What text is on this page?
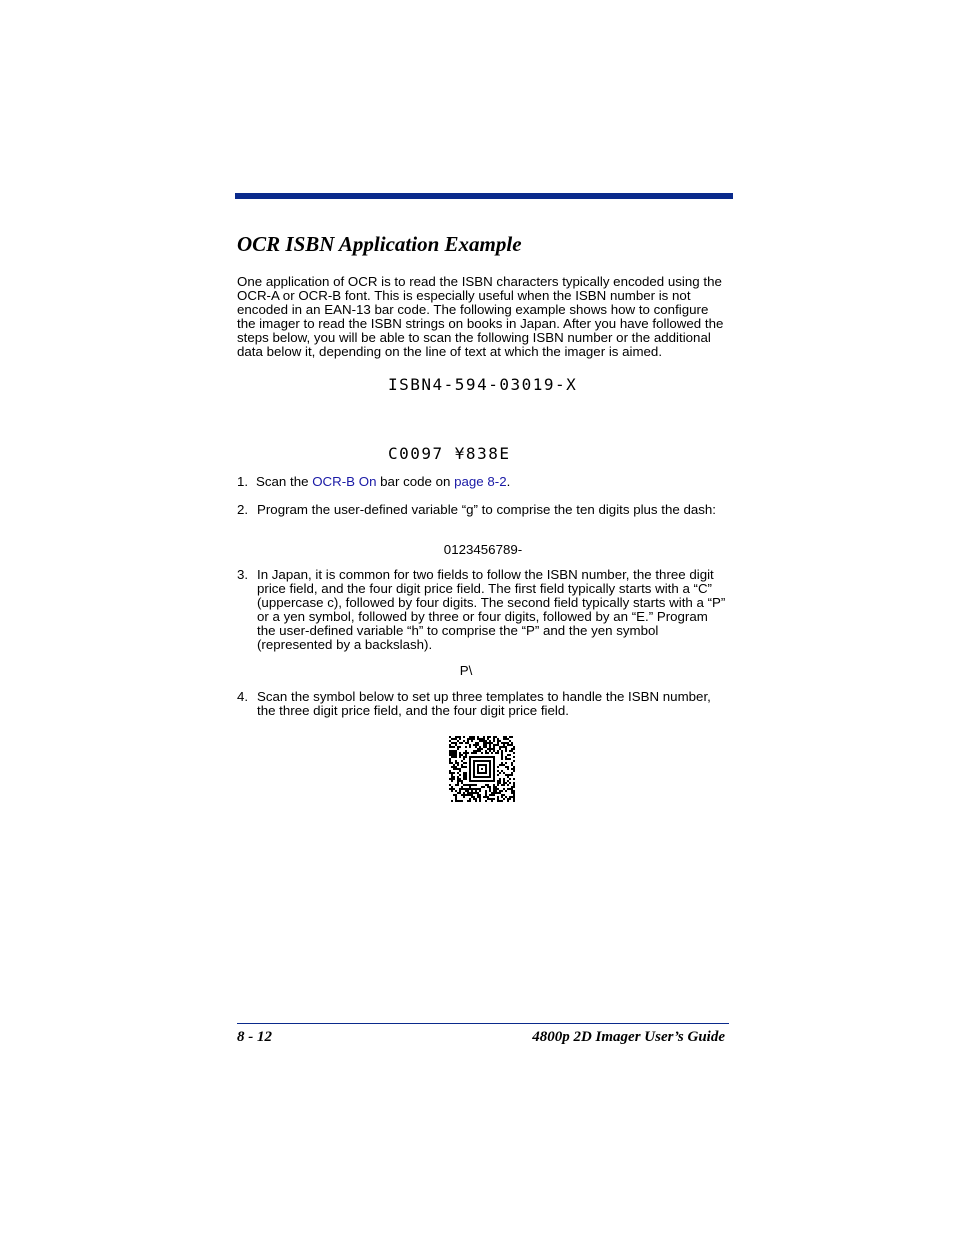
OCR ISBN Application Example

One application of OCR is to read the ISBN characters typically encoded using the OCR-A or OCR-B font. This is especially useful when the ISBN number is not encoded in an EAN-13 bar code. The following example shows how to configure the imager to read the ISBN strings on books in Japan. After you have followed the steps below, you will be able to scan the following ISBN number or the additional data below it, depending on the line of text at which the imager is aimed.

ISBN4-594-03019-X
C0097 ¥838E
1. Scan the OCR-B On bar code on page 8-2.
2. Program the user-defined variable “g” to comprise the ten digits plus the dash:
0123456789-
3. In Japan, it is common for two fields to follow the ISBN number, the three digit price field, and the four digit price field. The first field typically starts with a “C” (uppercase c), followed by four digits. The second field typically starts with a “P” or a yen symbol, followed by three or four digits, followed by an “E.” Program the user-defined variable “h” to comprise the “P” and the yen symbol (represented by a backslash).
P\
4. Scan the symbol below to set up three templates to handle the ISBN number, the three digit price field, and the four digit price field.
8 - 12	4800p 2D Imager User’s Guide
